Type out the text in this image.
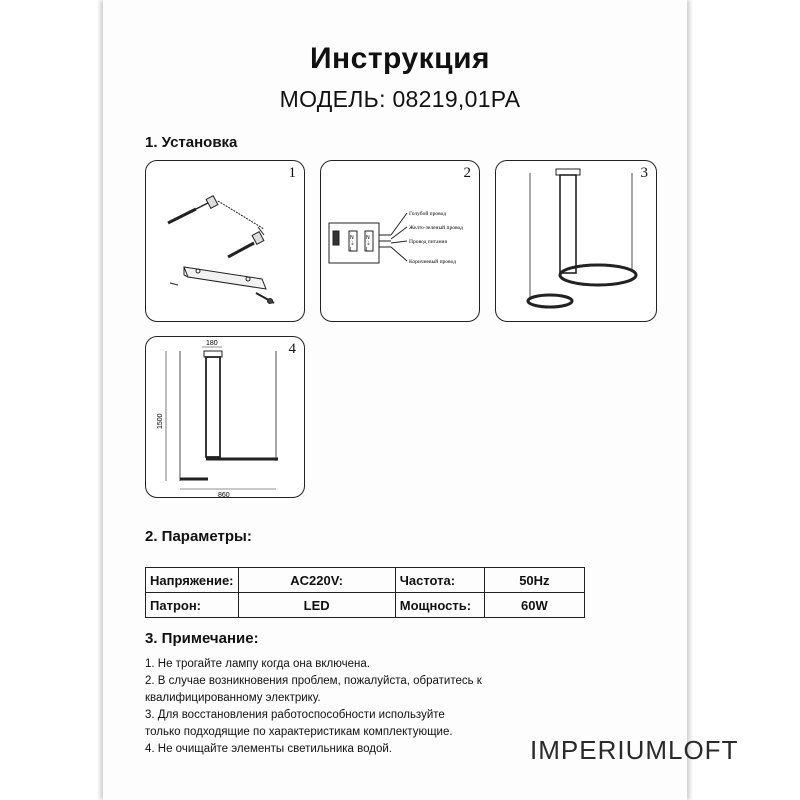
Инструкция
МОДЕЛЬ: 08219,01PA
1. Установка
1	2
Голубой провод
Желто-зеленый провод
Провод питания
Коричневый провод
N
⏚
L
N
⏚
L
3
4
180
1500
860
2. Параметры:
Напряжение:	AC220V:	Частота:	50Hz
Патрон:	LED	Мощность:	60W
3. Примечание:
1. Не трогайте лампу когда она включена.
2. В случае возникновения проблем, пожалуйста, обратитесь к
квалифицированному электрику.
3. Для восстановления работоспособности используйте
только подходящие по характеристикам комплектующие.
4. Не очищайте элементы светильника водой.	IMPERIUMLOFT
